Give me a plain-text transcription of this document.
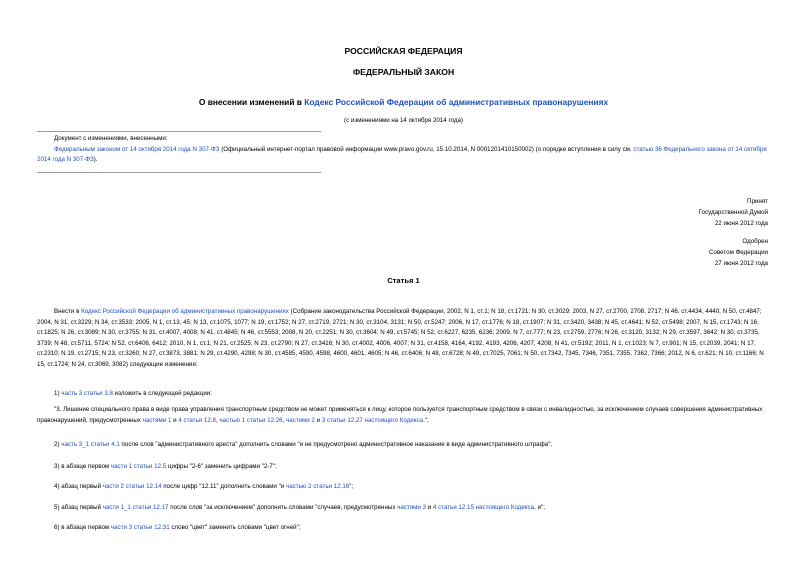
РОССИЙСКАЯ ФЕДЕРАЦИЯ
ФЕДЕРАЛЬНЫЙ ЗАКОН
О внесении изменений в Кодекс Российской Федерации об административных правонарушениях
(с изменениями на 14 октября 2014 года)
Документ с изменениями, внесенными:
Федеральным законом от 14 октября 2014 года N 307-ФЗ (Официальный интернет-портал правовой информации www.pravo.gov.ru, 15.10.2014, N 0001201410150002) (о порядке вступления в силу см. статью 36 Федерального закона от 14 октября 2014 года N 307-ФЗ).
Принят
Государственной Думой
22 июня 2012 года
Одобрен
Советом Федерации
27 июня 2012 года
Статья 1

Внести в Кодекс Российской Федерации об административных правонарушениях (Собрание законодательства Российской Федерации, 2002, N 1, ст.1; N 18, ст.1721; N 30, ст.3029; 2003, N 27, ст.2700, 2708, 2717; N 46, ст.4434, 4440; N 50, ст.4847; 2004, N 31, ст.3229; N 34, ст.3533; 2005, N 1, ст.13, 45; N 13, ст.1075, 1077; N 19, ст.1752; N 27, ст.2719, 2721; N 30, ст.3104, 3131; N 50, ст.5247; 2006, N 17, ст.1776; N 18, ст.1907; N 31, ст.3420, 3438; N 45, ст.4641; N 52, ст.5498; 2007, N 15, ст.1743; N 16, ст.1825; N 26, ст.3089; N 30, ст.3755; N 31, ст.4007, 4008; N 41, ст.4845; N 46, ст.5553; 2008, N 20, ст.2251; N 30, ст.3604; N 49, ст.5745; N 52, ст.6227, 6235, 6236; 2009, N 7, ст.777; N 23, ст.2759, 2776; N 26, ст.3120, 3132; N 29, ст.3597, 3642; N 30, ст.3735, 3739; N 48, ст.5711, 5724; N 52, ст.6406, 6412; 2010, N 1, ст.1; N 21, ст.2525; N 23, ст.2790; N 27, ст.3416; N 30, ст.4002, 4006, 4007; N 31, ст.4158, 4164, 4192, 4193, 4206, 4207, 4208; N 41, ст.5192; 2011, N 1, ст.1023; N 7, ст.901; N 15, ст.2039, 2041; N 17, ст.2310; N 19, ст.2715; N 23, ст.3260; N 27, ст.3873, 3881; N 29, ст.4290, 4298; N 30, ст.4585, 4590, 4598, 4600, 4601, 4605; N 46, ст.6406; N 48, ст.6728; N 49, ст.7025, 7061; N 50, ст.7342, 7345, 7346, 7351, 7355, 7362, 7366; 2012, N 6, ст.621; N 10, ст.1166; N 15, ст.1724; N 24, ст.3069, 3082) следующие изменения:

1) часть 3 статьи 3.8 изложить в следующей редакции:

"3. Лишение специального права в виде права управления транспортным средством не может применяться к лицу, которое пользуется транспортным средством в связи с инвалидностью, за исключением случаев совершения административных правонарушений, предусмотренных частями 1 и 4 статьи 12.8, частью 1 статьи 12.26, частями 2 и 3 статьи 12.27 настоящего Кодекса.";

2) часть 3_1 статьи 4.1 после слов "административного ареста" дополнить словами "и не предусмотрено административное наказание в виде административного штрафа";

3) в абзаце первом части 1 статьи 12.5 цифры "2-6" заменить цифрами "2-7";

4) абзац первый части 2 статьи 12.14 после цифр "12.11" дополнить словами "и частью 2 статьи 12.16";

5) абзац первый части 1_1 статьи 12.17 после слов "за исключением" дополнить словами "случаев, предусмотренных частями 3 и 4 статьи 12.15 настоящего Кодекса, и";

6) в абзаце первом части 3 статьи 12.31 слово "цвет" заменить словами "цвет огней";
